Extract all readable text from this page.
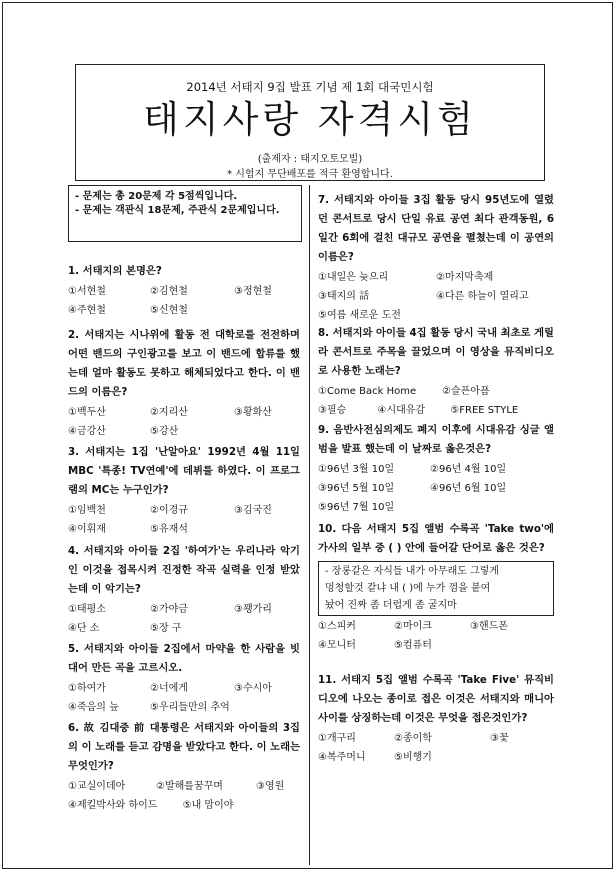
2014년 서태지 9집 발표 기념 제 1회 대국민시험
태지사랑 자격시험
(출제자 : 태지오토모빌)
* 시험지 무단배포를 적극 환영합니다.
- 문제는 총 20문제 각 5점씩입니다.
- 문제는 객관식 18문제, 주관식 2문제입니다.
1. 서태지의 본명은?
①서현철	②김현철	③정현철
④주현철	⑤신현철
2. 서태지는 시나위에 활동 전 대학로를 전전하며 어떤 밴드의 구인광고를 보고 이 밴드에 합류를 했는데 얼마 활동도 못하고 해체되었다고 한다. 이 밴드의 이름은?
①백두산	②지리산	③황화산
④금강산	⑤강산
3. 서태지는 1집 '난알아요' 1992년 4월 11일 MBC '특종! TV연예'에 데뷔를 하였다. 이 프로그램의 MC는 누구인가?
①임백천	②이경규	③김국진
④이휘재	⑤유재석
4. 서태지와 아이들 2집 '하여가'는 우리나라 악기인 이것을 접목시켜 진정한 작곡 실력을 인정 받았는데 이 악기는?
①태평소	②가야금	③꽹가리
④단 소	⑤장 구
5. 서태지와 아이들 2집에서 마약을 한 사람을 빗대어 만든 곡을 고르시오.
①하여가	②너에게	③수시아
④죽음의 늪	⑤우리들만의 추억
6. 故 김대중 前 대통령은 서태지와 아이들의 3집의 이 노래를 듣고 감명을 받았다고 한다. 이 노래는 무엇인가?
①교실이데아	②발해를꿈꾸며	③영원
④제킬박사와 하이드	⑤내 맘이야
7. 서태지와 아이들 3집 활동 당시 95년도에 열렸던 콘서트로 당시 단일 유료 공연 최다 관객동원, 6일간 6회에 걸친 대규모 공연을 펼쳤는데 이 공연의 이름은?
①내일은 늦으리	②마지막축제
③태지의 話	④다른 하늘이 열리고
⑤여름 새로운 도전
8. 서태지와 아이들 4집 활동 당시 국내 최초로 게릴라 콘서트로 주목을 끌었으며 이 영상을 뮤직비디오로 사용한 노래는?
①Come Back Home	②슬픈아픔
③필승	④시대유감	⑤FREE STYLE
9. 음반사전심의제도 폐지 이후에 시대유감 싱글 앨범을 발표 했는데 이 날짜로 옳은것은?
①96년 3월 10일	②96년 4월 10일
③96년 5월 10일	④96년 6월 10일
⑤96년 7월 10일
10. 다음 서태지 5집 앨범 수록곡 'Take two'에 가사의 일부 중 ( ) 안에 들어갈 단어로 옳은 것은?
- 장롱같은 자식들 내가 아무래도 그렇게
멍청할것 같냐 내 ( )에 누가 껌을 붙여
놨어 진짜 좀 더럽게 좀 굴지마
①스피커	②마이크	③핸드폰
④모니터	⑤컴퓨터
11. 서태지 5집 앨범 수록곡 'Take Five' 뮤직비디오에 나오는 종이로 접은 이것은 서태지와 매니아 사이를 상징하는데 이것은 무엇을 접은것인가?
①개구리	②종이학	③꽃
④복주머니	⑤비행기
